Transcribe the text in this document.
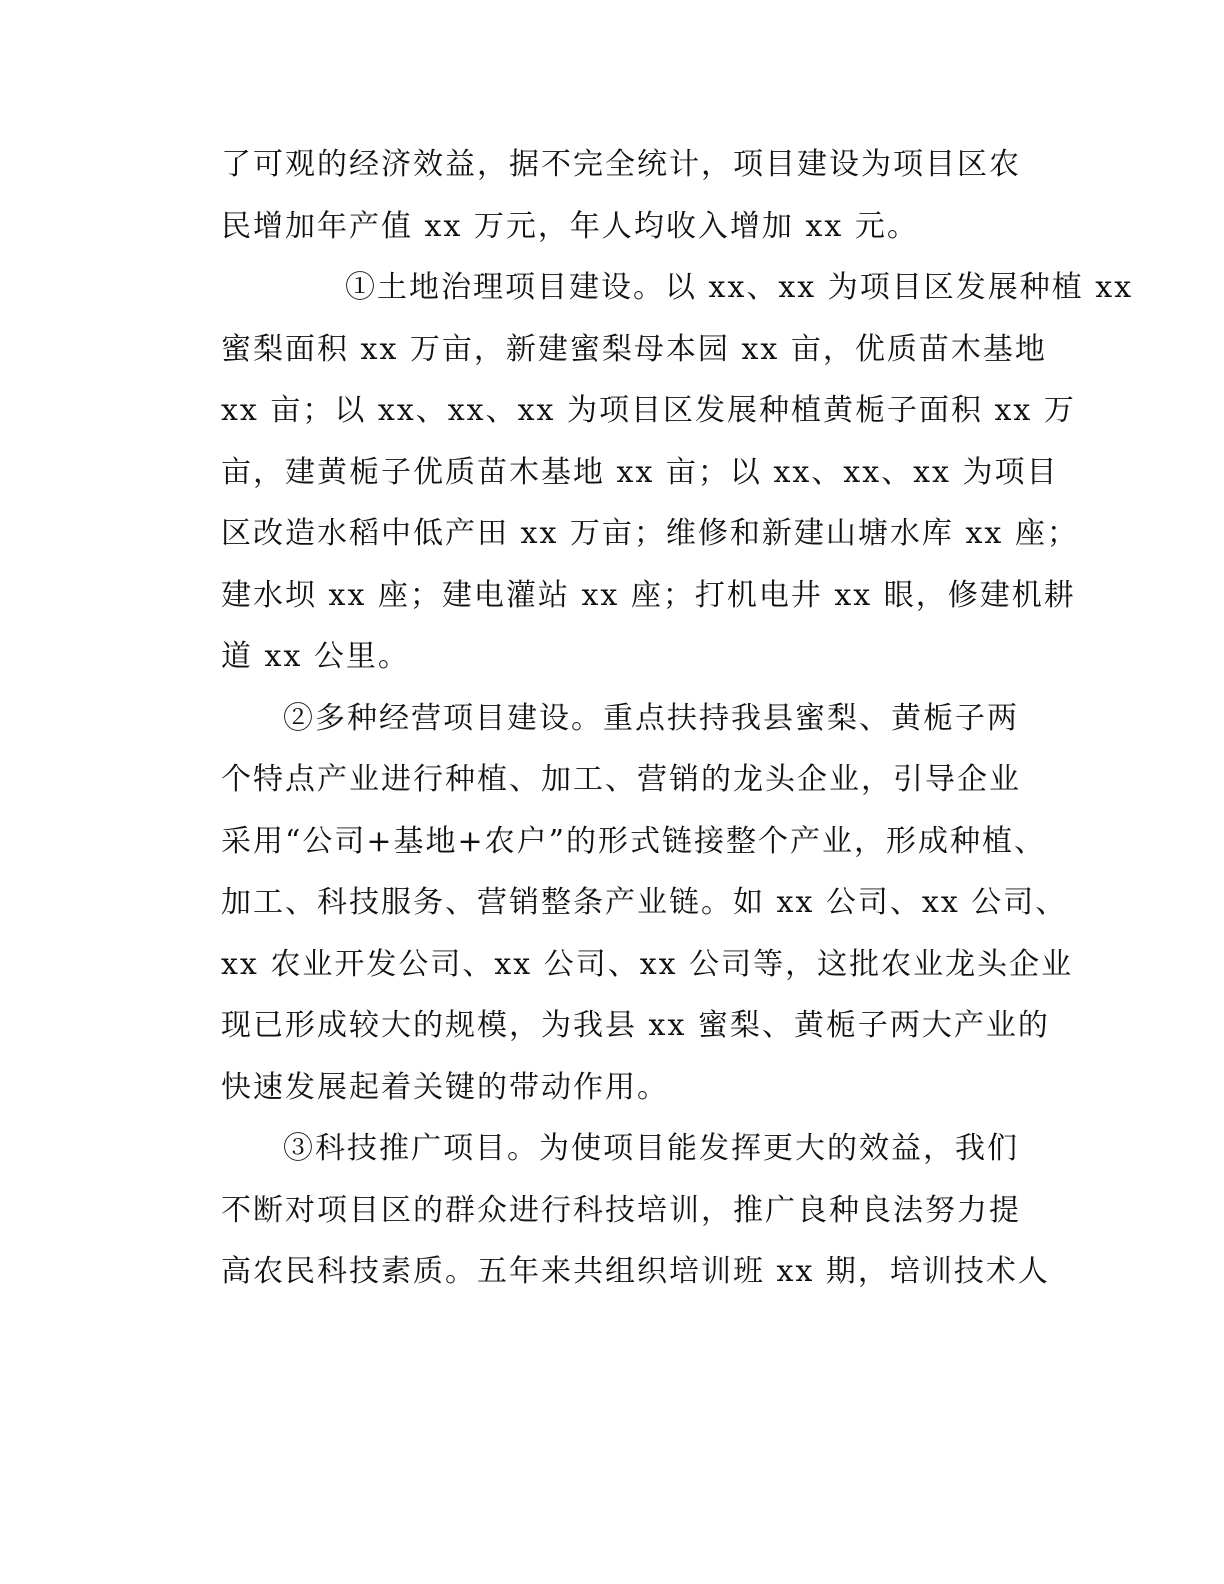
了可观的经济效益，据不完全统计，项目建设为项目区农
民增加年产值 xx 万元，年人均收入增加 xx 元。
①土地治理项目建设。以 xx、xx 为项目区发展种植 xx
蜜梨面积 xx 万亩，新建蜜梨母本园 xx 亩，优质苗木基地
xx 亩；以 xx、xx、xx 为项目区发展种植黄栀子面积 xx 万
亩，建黄栀子优质苗木基地 xx 亩；以 xx、xx、xx 为项目
区改造水稻中低产田 xx 万亩；维修和新建山塘水库 xx 座；
建水坝 xx 座；建电灌站 xx 座；打机电井 xx 眼，修建机耕
道 xx 公里。
②多种经营项目建设。重点扶持我县蜜梨、黄栀子两
个特点产业进行种植、加工、营销的龙头企业，引导企业
采用“公司+基地+农户”的形式链接整个产业，形成种植、
加工、科技服务、营销整条产业链。如 xx 公司、xx 公司、
xx 农业开发公司、xx 公司、xx 公司等，这批农业龙头企业
现已形成较大的规模，为我县 xx 蜜梨、黄栀子两大产业的
快速发展起着关键的带动作用。
③科技推广项目。为使项目能发挥更大的效益，我们
不断对项目区的群众进行科技培训，推广良种良法努力提
高农民科技素质。五年来共组织培训班 xx 期，培训技术人
